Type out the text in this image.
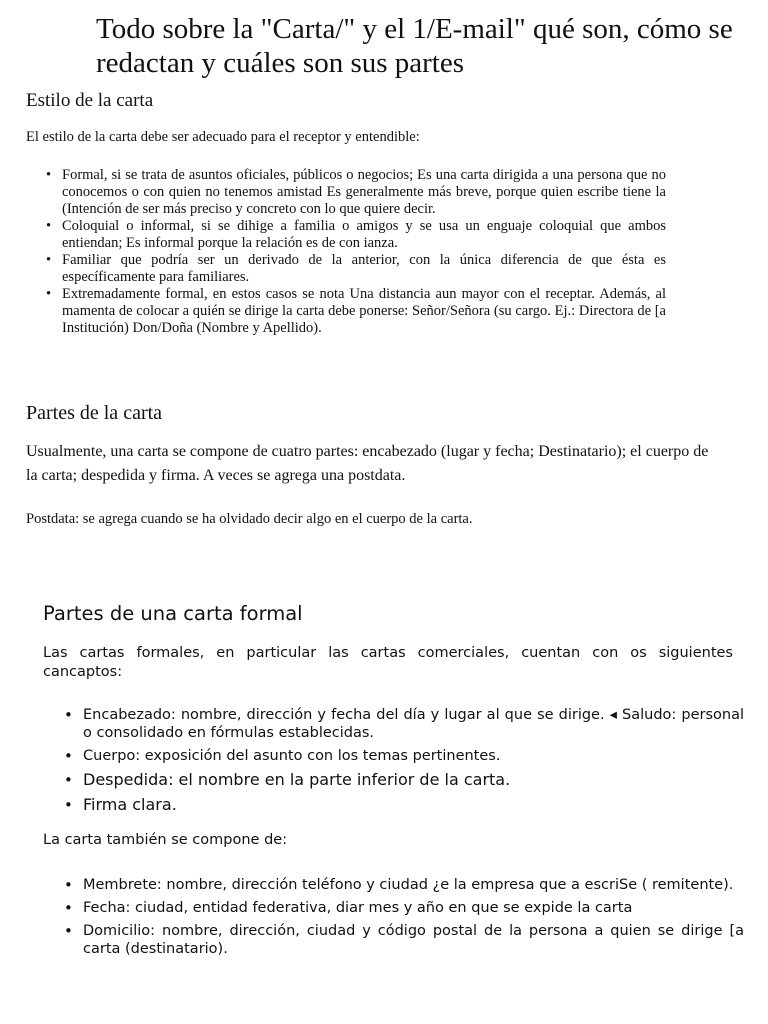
Todo sobre la "Carta/" y el 1/E-mail" qué son, cómo se redactan y cuáles son sus partes
Estilo de la carta

El estilo de la carta debe ser adecuado para el receptor y entendible:

• Formal, si se trata de asuntos oficiales, públicos o negocios; Es una carta dirigida a una persona que no conocemos o con quien no tenemos amistad Es generalmente más breve, porque quien escribe tiene la (Intención de ser más preciso y concreto con lo que quiere decir.
• Coloquial o informal, si se dihige a familia o amigos y se usa un enguaje coloquial que ambos entiendan; Es informal porque la relación es de con ianza.
• Familiar que podría ser un derivado de la anterior, con la única diferencia de que ésta es específicamente para familiares.
• Extremadamente formal, en estos casos se nota Una distancia aun mayor con el receptar. Además, al mamenta de colocar a quién se dirige la carta debe ponerse: Señor/Señora (su cargo. Ej.: Directora de [a Institución) Don/Doña (Nombre y Apellido).
Partes de la carta

Usualmente, una carta se compone de cuatro partes: encabezado (lugar y fecha; Destinatario); el cuerpo de la carta; despedida y firma. A veces se agrega una postdata.

Postdata: se agrega cuando se ha olvidado decir algo en el cuerpo de la carta.

Partes de una carta formal

Las cartas formales, en particular las cartas comerciales, cuentan con os siguientes cancaptos:

• Encabezado: nombre, dirección y fecha del día y lugar al que se dirige. ◂ Saludo: personal o consolidado en fórmulas establecidas.
• Cuerpo: exposición del asunto con los temas pertinentes.
• Despedida: el nombre en la parte inferior de la carta.
• Firma clara.

La carta también se compone de:

• Membrete: nombre, dirección teléfono y ciudad ¿e la empresa que a escriSe ( remitente).
• Fecha: ciudad, entidad federativa, diar mes y año en que se expide la carta
• Domicilio: nombre, dirección, ciudad y código postal de la persona a quien se dirige [a carta (destinatario).
